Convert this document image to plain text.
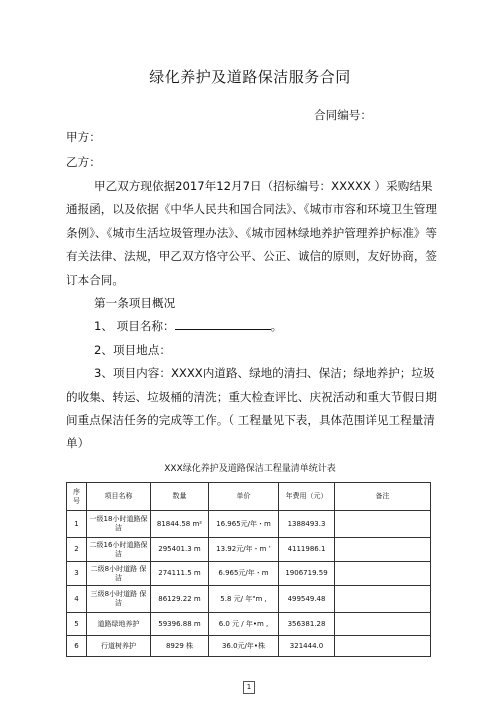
绿化养护及道路保洁服务合同
合同编号：
甲方：
乙方：

甲乙双方现依据2017年12月7日（招标编号：XXXXX ）采购结果通报函，以及依据《中华人民共和国合同法》、《城市市容和环境卫生管理条例》、《城市生活垃圾管理办法》、《城市园林绿地养护管理养护标准》等有关法律、法规，甲乙双方恪守公平、公正、诚信的原则，友好协商，签订本合同。

第一条项目概况

1、 项目名称：	。

2、项目地点：

3、项目内容：XXXX内道路、绿地的清扫、保洁；绿地养护；垃圾的收集、转运、垃圾桶的清洗；重大检查评比、庆祝活动和重大节假日期间重点保洁任务的完成等工作。（ 工程量见下表，具体范围详见工程量清单）

XXX绿化养护及道路保洁工程量清单统计表
序 号	项目名称	数量	单价	年费用（元）	备注
1	一级18小时道路保洁	81844.58 m²	16.965元/年・m	1388493.3	
2	二级16小时道路保洁	295401.3 m	13.92元/年・m ʼ	4111986.1	
3	二级8小时道路 保洁	274111.5 m	6.965元/年・m	1906719.59	
4	三级8小时道路 保洁	86129.22 m	5.8 元/ 年"m ,	499549.48	
5	道路绿地养护	59396.88 m	6.0 元 / 年•m ,	356381.28	
6	行道树养护	8929 株	36.0元/年•株	321444.0	
1
